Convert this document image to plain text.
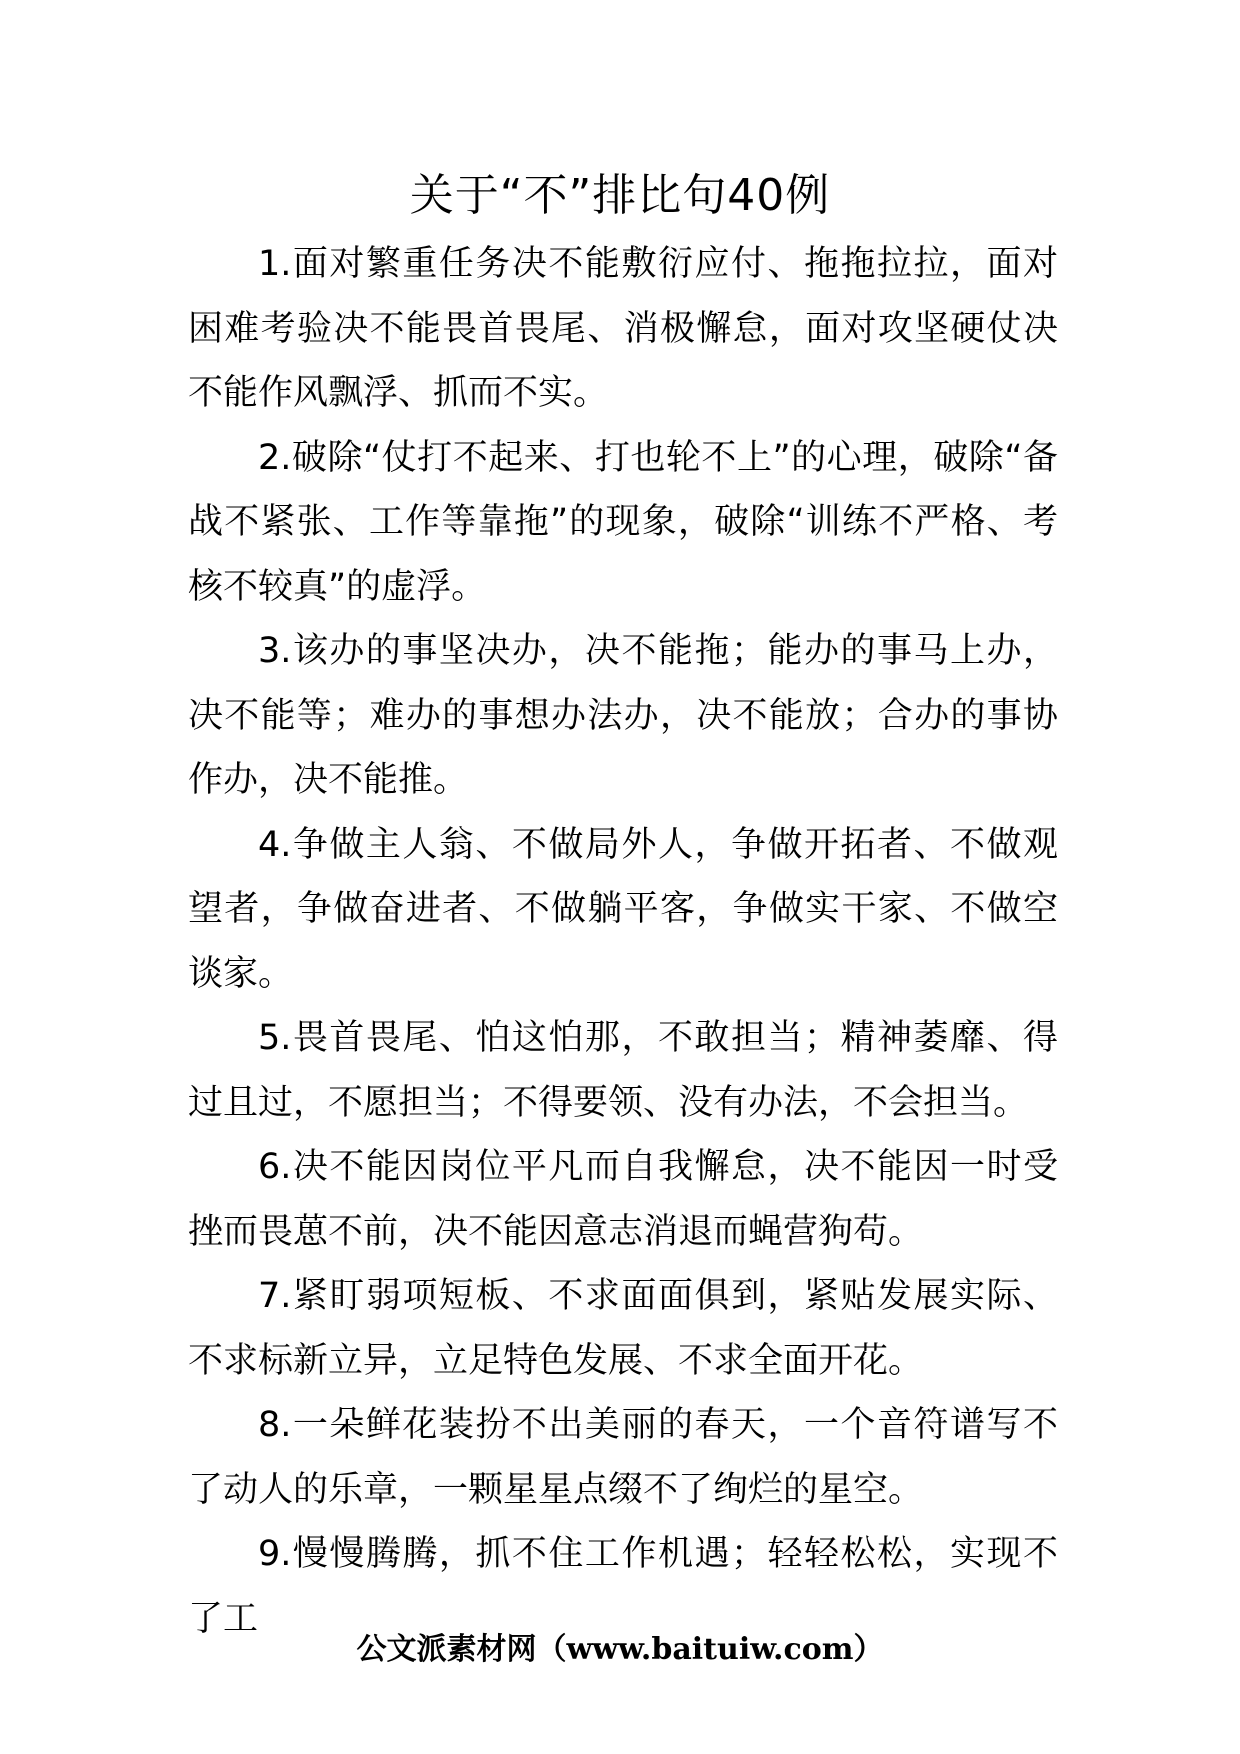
关于“不”排比句40例

1.面对繁重任务决不能敷衍应付、拖拖拉拉，面对困难考验决不能畏首畏尾、消极懈怠，面对攻坚硬仗决不能作风飘浮、抓而不实。

2.破除“仗打不起来、打也轮不上”的心理，破除“备战不紧张、工作等靠拖”的现象，破除“训练不严格、考核不较真”的虚浮。

3.该办的事坚决办，决不能拖；能办的事马上办，决不能等；难办的事想办法办，决不能放；合办的事协作办，决不能推。

4.争做主人翁、不做局外人，争做开拓者、不做观望者，争做奋进者、不做躺平客，争做实干家、不做空谈家。

5.畏首畏尾、怕这怕那，不敢担当；精神萎靡、得过且过，不愿担当；不得要领、没有办法，不会担当。

6.决不能因岗位平凡而自我懈怠，决不能因一时受挫而畏葸不前，决不能因意志消退而蝇营狗苟。

7.紧盯弱项短板、不求面面俱到，紧贴发展实际、不求标新立异，立足特色发展、不求全面开花。

8.一朵鲜花装扮不出美丽的春天，一个音符谱写不了动人的乐章，一颗星星点缀不了绚烂的星空。

9.慢慢腾腾，抓不住工作机遇；轻轻松松，实现不了工

公文派素材网（www.baituiw.com）
